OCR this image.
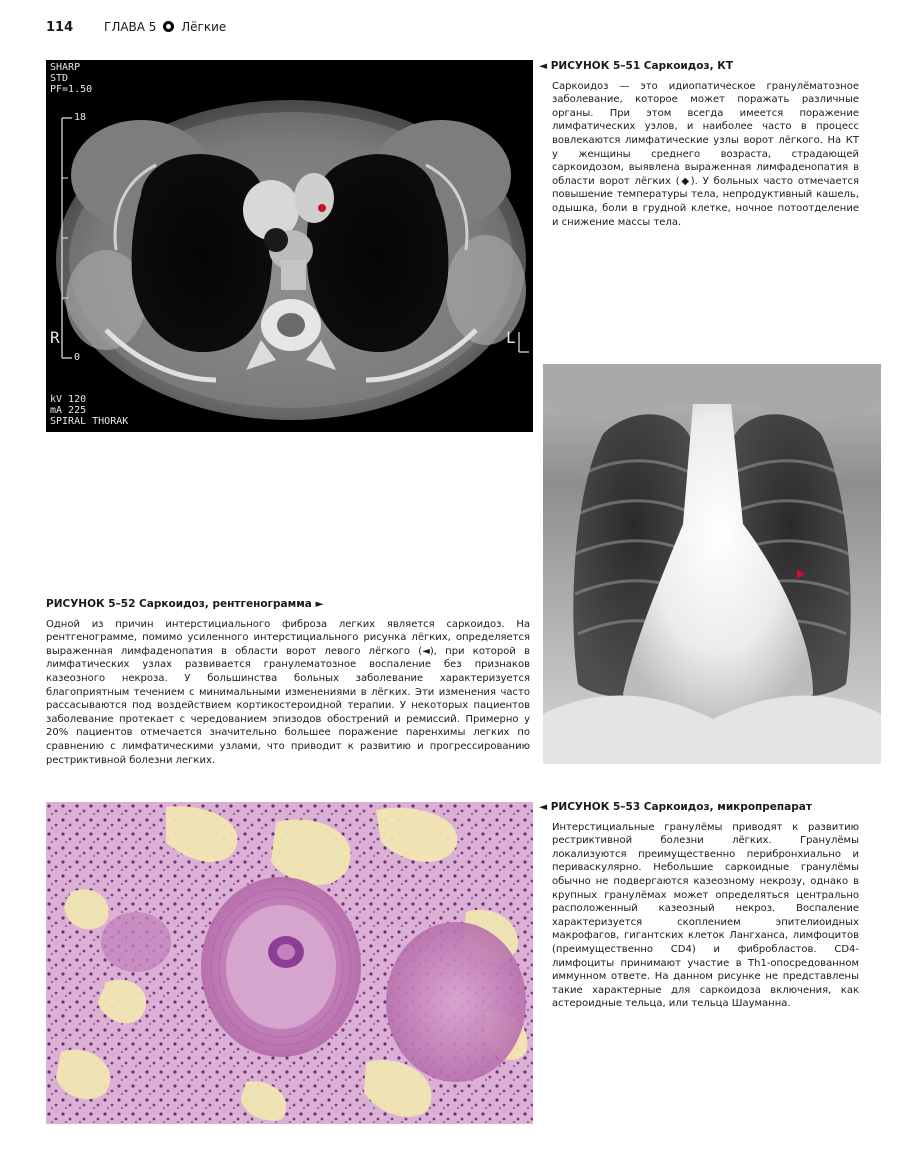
114	ГЛАВА 5 Лёгкие
SHARP
STD
PF=1.50
18
0
R	L
kV 120
mA 225
SPIRAL THORAK
◄ РИСУНОК 5–51 Саркоидоз, КТ

Саркоидоз — это идиопатическое гранулёматозное заболевание, которое может поражать различные органы. При этом всегда имеется поражение лимфатических узлов, и наиболее часто в процесс вовлекаются лимфатические узлы ворот лёгкого. На КТ у женщины среднего возраста, страдающей саркоидозом, выявлена выраженная лимфаденопатия в области ворот лёгких (◆). У больных часто отмечается повышение температуры тела, непродуктивный кашель, одышка, боли в грудной клетке, ночное потоотделение и снижение массы тела.

РИСУНОК 5–52 Саркоидоз, рентгенограмма ►

Одной из причин интерстициального фиброза легких является саркоидоз. На рентгенограмме, помимо усиленного интерстициального рисунка лёгких, определяется выраженная лимфаденопатия в области ворот левого лёгкого (◄), при которой в лимфатических узлах развивается гранулематозное воспаление без признаков казеозного некроза. У большинства больных заболевание характеризуется благоприятным течением с минимальными изменениями в лёгких. Эти изменения часто рассасываются под воздействием кортикостероидной терапии. У некоторых пациентов заболевание протекает с чередованием эпизодов обострений и ремиссий. Примерно у 20% пациентов отмечается значительно большее поражение паренхимы легких по сравнению с лимфатическими узлами, что приводит к развитию и прогрессированию рестриктивной болезни легких.

◄ РИСУНОК 5–53 Саркоидоз, микропрепарат

Интерстициальные гранулёмы приводят к развитию рестриктивной болезни лёгких. Гранулёмы локализуются преимущественно перибронхиально и периваскулярно. Небольшие саркоидные гранулёмы обычно не подвергаются казеозному некрозу, однако в крупных гранулёмах может определяться центрально расположенный казеозный некроз. Воспаление характеризуется скоплением эпителиоидных макрофагов, гигантских клеток Лангханса, лимфоцитов (преимущественно CD4) и фибробластов. CD4-лимфоциты принимают участие в Th1-опосредованном иммунном ответе. На данном рисунке не представлены такие характерные для саркоидоза включения, как астероидные тельца, или тельца Шауманна.
